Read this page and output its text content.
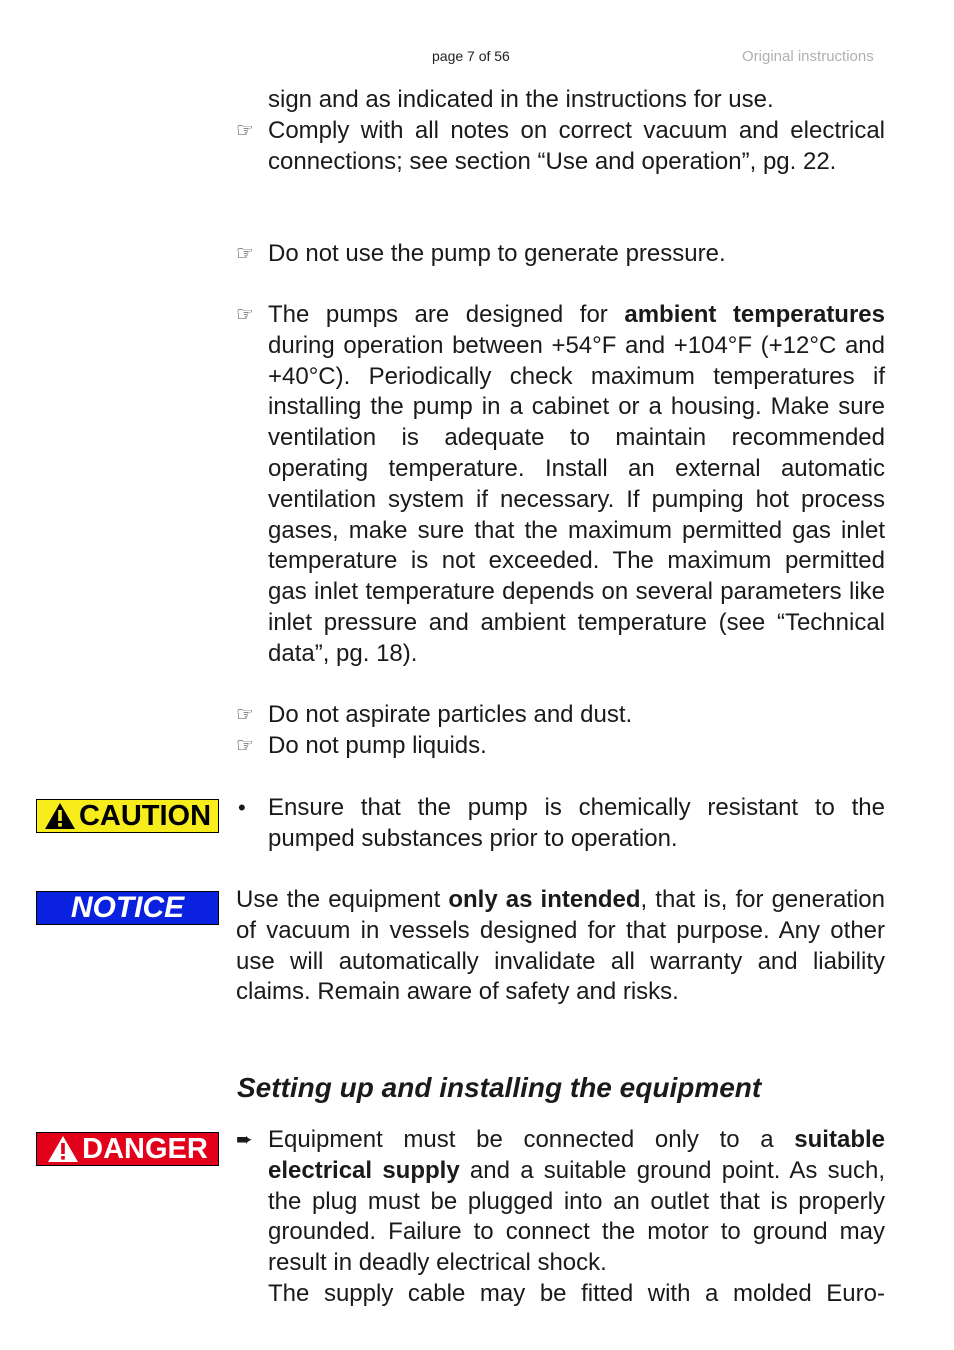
page 7 of 56	Original instructions

sign and as indicated in the instructions for use.

☞ Comply with all notes on correct vacuum and electrical connections; see section “Use and operation”, pg. 22.

☞ Do not use the pump to generate pressure.

☞ The pumps are designed for ambient temperatures during operation between +54°F and +104°F (+12°C and +40°C). Periodically check maximum temperatures if installing the pump in a cabinet or a housing. Make sure ventilation is adequate to maintain recommended operating temperature. Install an external automatic ventilation system if necessary. If pumping hot process gases, make sure that the maximum permitted gas inlet temperature is not exceeded. The maximum permitted gas inlet temperature depends on several parameters like inlet pressure and ambient temperature (see “Technical data”, pg. 18).

☞ Do not aspirate particles and dust.

☞ Do not pump liquids.

CAUTION • Ensure that the pump is chemically resistant to the pumped substances prior to operation.

NOTICE Use the equipment only as intended, that is, for generation of vacuum in vessels designed for that purpose. Any other use will automatically invalidate all warranty and liability claims. Remain aware of safety and risks.

Setting up and installing the equipment
DANGER ➨ Equipment must be connected only to a suitable electrical supply and a suitable ground point. As such, the plug must be plugged into an outlet that is properly grounded. Failure to connect the motor to ground may result in deadly electrical shock.

The supply cable may be fitted with a molded Euro-
